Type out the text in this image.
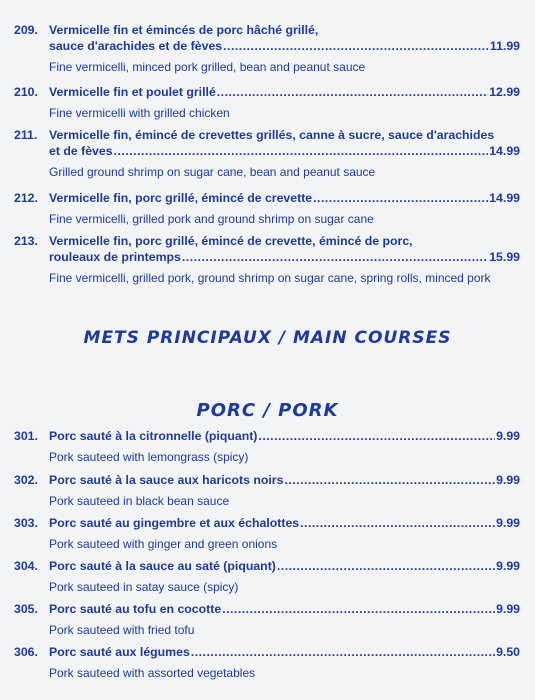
209. Vermicelle fin et émincés de porc hâché grillé,
sauce d'arachides et de fèves .....	11.99
Fine vermicelli, minced pork grilled, bean and peanut sauce
210. Vermicelle fin et poulet grillé .....	12.99
Fine vermicelli with grilled chicken
211. Vermicelle fin, émincé de crevettes grillés, canne à sucre, sauce d'arachides
et de fèves .....	14.99
Grilled ground shrimp on sugar cane, bean and peanut sauce
212. Vermicelle fin, porc grillé, émincé de crevette .....	14.99
Fine vermicelli, grilled pork and ground shrimp on sugar cane
213. Vermicelle fin, porc grillé, émincé de crevette, émincé de porc,
rouleaux de printemps .....	15.99
Fine vermicelli, grilled pork, ground shrimp on sugar cane, spring rolls, minced pork
METS PRINCIPAUX / MAIN COURSES
PORC / PORK
301. Porc sauté à la citronnelle (piquant) .....	9.99
Pork sauteed with lemongrass (spicy)
302. Porc sauté à la sauce aux haricots noirs .....	9.99
Pork sauteed in black bean sauce
303. Porc sauté au gingembre et aux échalottes .....	9.99
Pork sauteed with ginger and green onions
304. Porc sauté à la sauce au saté (piquant) .....	9.99
Pork sauteed in satay sauce (spicy)
305. Porc sauté au tofu en cocotte .....	9.99
Pork sauteed with fried tofu
306. Porc sauté aux légumes .....	9.50
Pork sauteed with assorted vegetables
